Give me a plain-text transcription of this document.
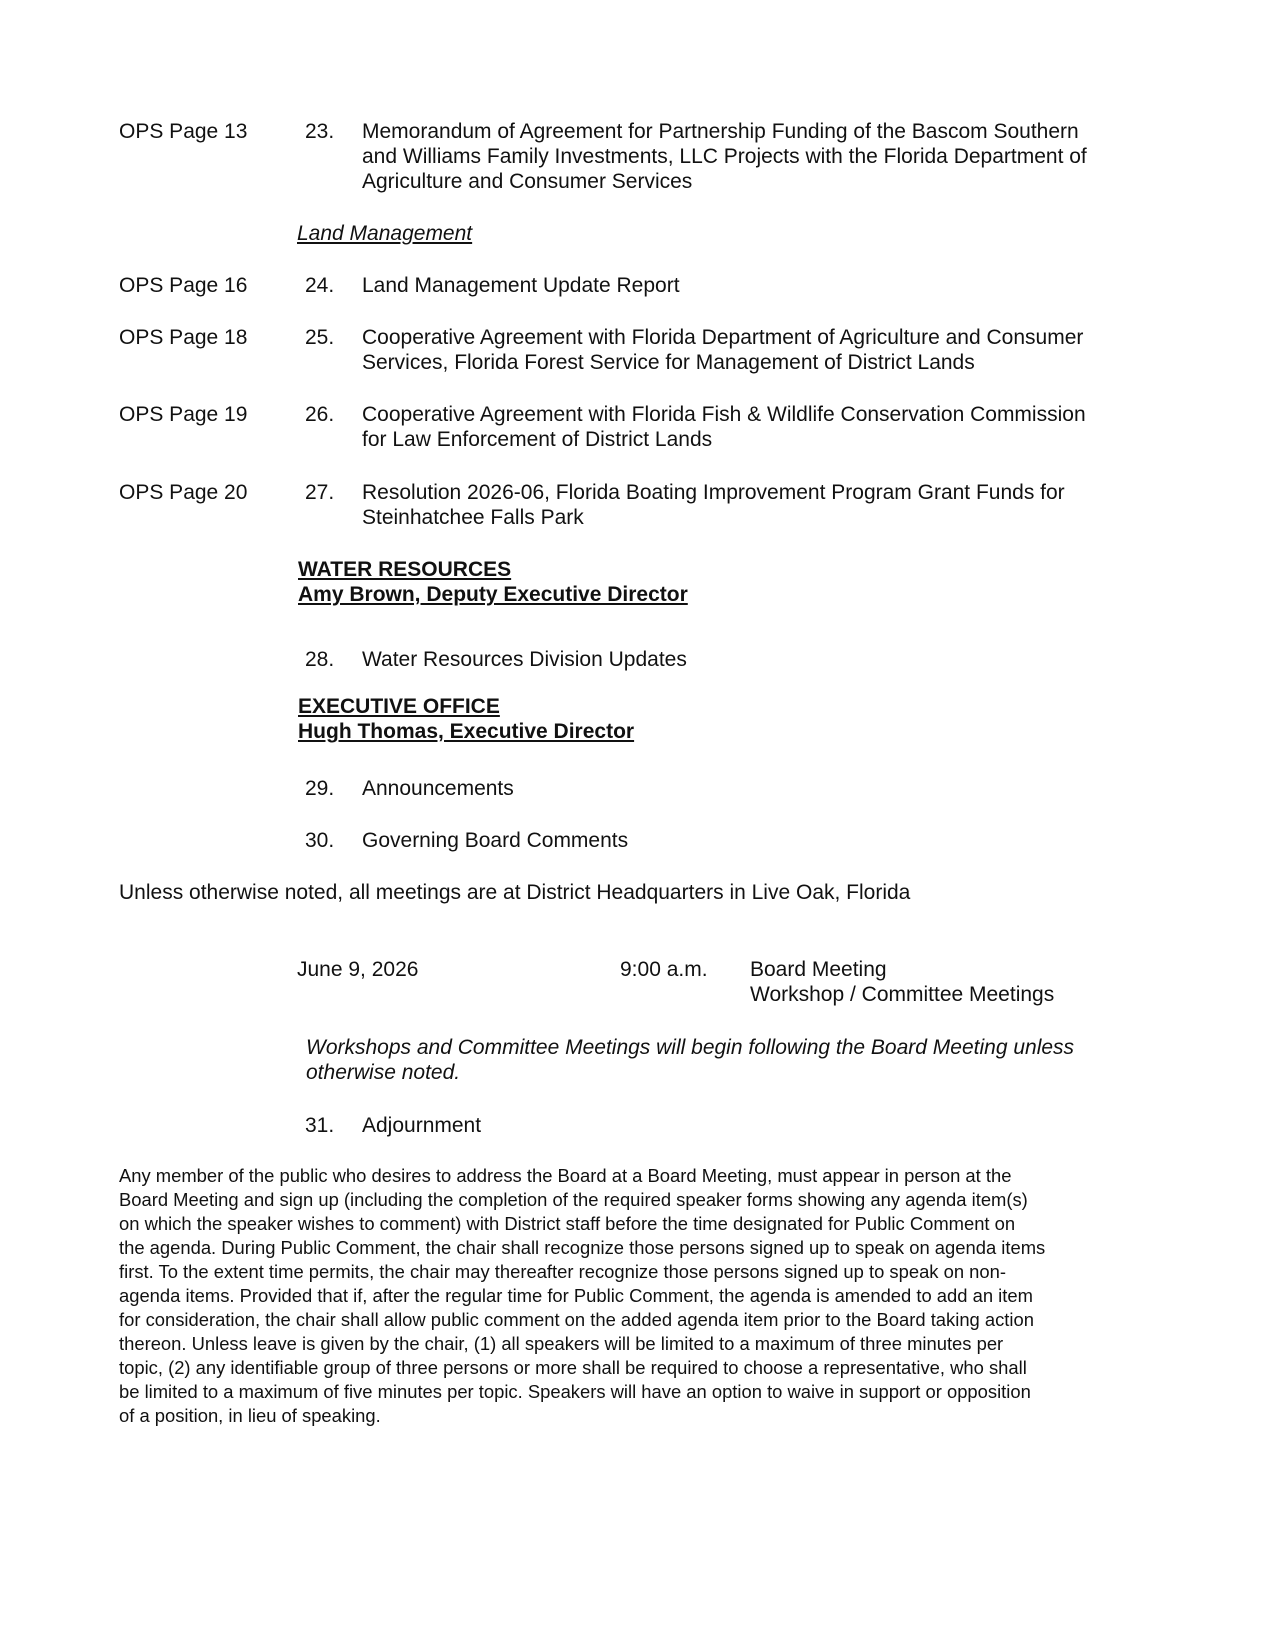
OPS Page 13	23.	Memorandum of Agreement for Partnership Funding of the Bascom Southern
and Williams Family Investments, LLC Projects with the Florida Department of
Agriculture and Consumer Services
Land Management
OPS Page 16	24.	Land Management Update Report
OPS Page 18	25.	Cooperative Agreement with Florida Department of Agriculture and Consumer
Services, Florida Forest Service for Management of District Lands
OPS Page 19	26.	Cooperative Agreement with Florida Fish & Wildlife Conservation Commission
for Law Enforcement of District Lands
OPS Page 20	27.	Resolution 2026-06, Florida Boating Improvement Program Grant Funds for
Steinhatchee Falls Park
WATER RESOURCES
Amy Brown, Deputy Executive Director
28.	Water Resources Division Updates
EXECUTIVE OFFICE
Hugh Thomas, Executive Director
29.	Announcements
30.	Governing Board Comments
Unless otherwise noted, all meetings are at District Headquarters in Live Oak, Florida
June 9, 2026	9:00 a.m. Board Meeting
Workshop / Committee Meetings
Workshops and Committee Meetings will begin following the Board Meeting unless
otherwise noted.
31.	Adjournment
Any member of the public who desires to address the Board at a Board Meeting, must appear in person at the
Board Meeting and sign up (including the completion of the required speaker forms showing any agenda item(s)
on which the speaker wishes to comment) with District staff before the time designated for Public Comment on
the agenda. During Public Comment, the chair shall recognize those persons signed up to speak on agenda items
first. To the extent time permits, the chair may thereafter recognize those persons signed up to speak on non-
agenda items. Provided that if, after the regular time for Public Comment, the agenda is amended to add an item
for consideration, the chair shall allow public comment on the added agenda item prior to the Board taking action
thereon. Unless leave is given by the chair, (1) all speakers will be limited to a maximum of three minutes per
topic, (2) any identifiable group of three persons or more shall be required to choose a representative, who shall
be limited to a maximum of five minutes per topic. Speakers will have an option to waive in support or opposition
of a position, in lieu of speaking.
